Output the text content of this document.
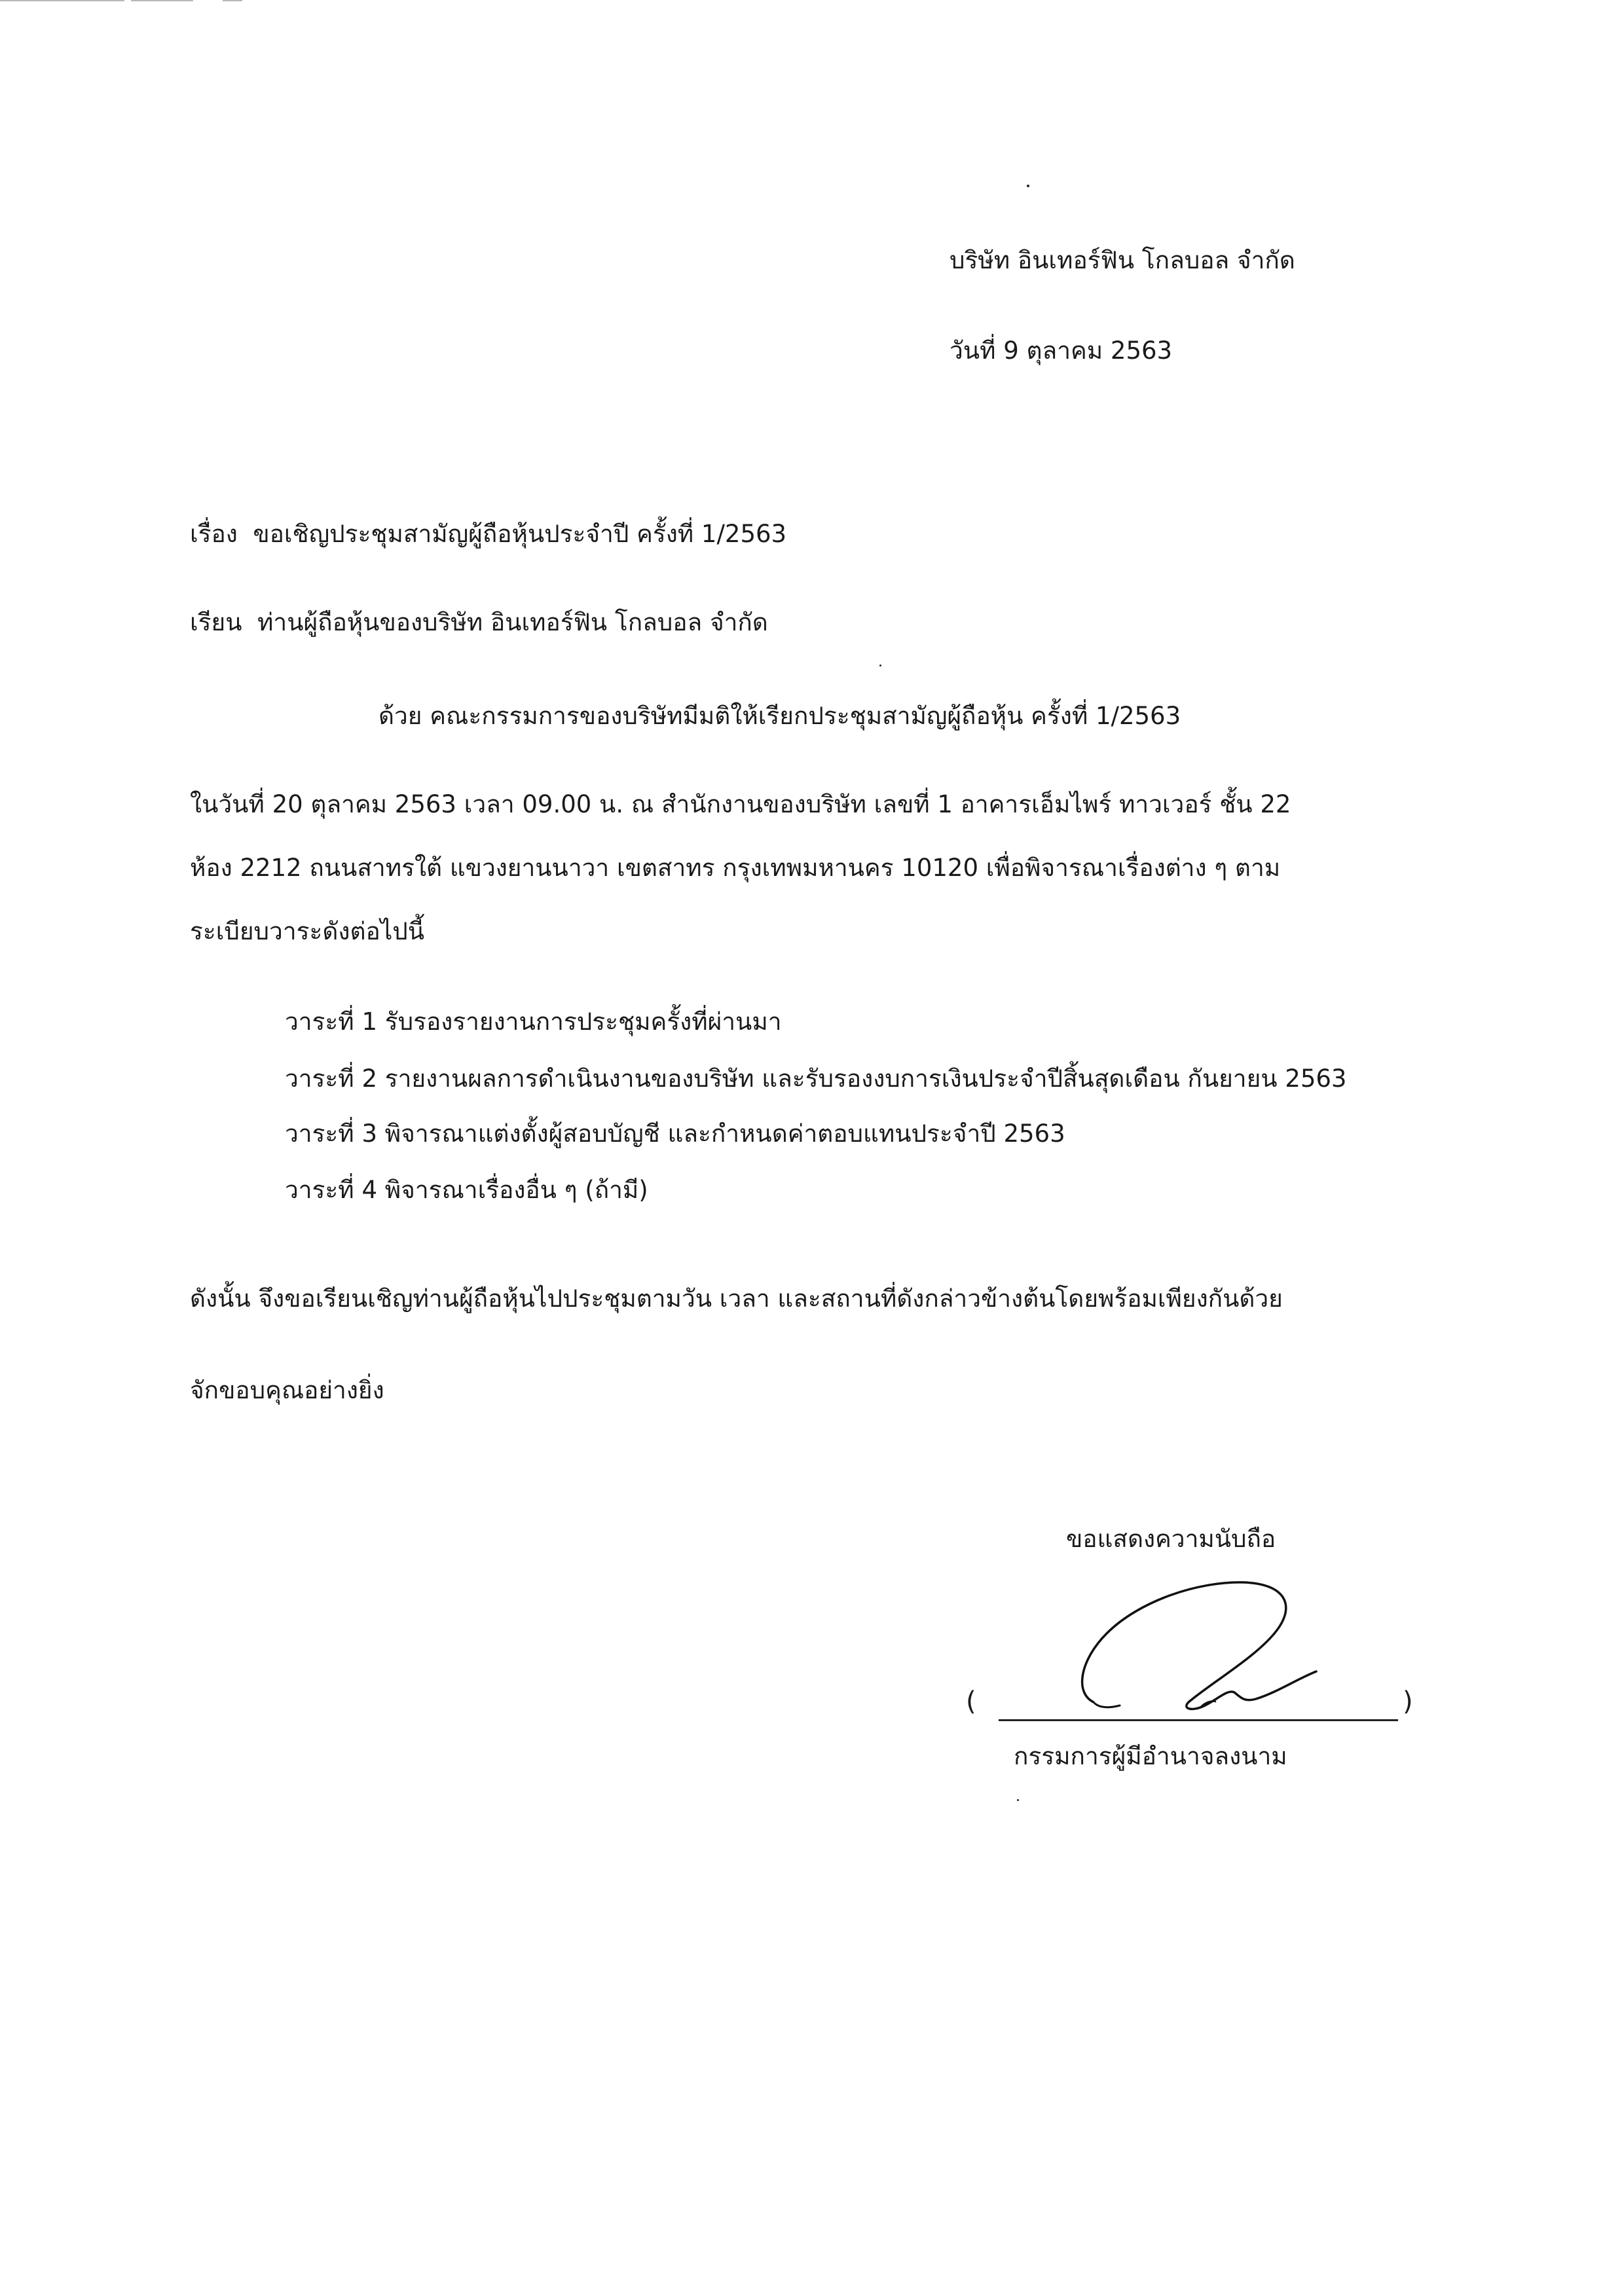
บริษัท อินเทอร์ฟิน โกลบอล จำกัด
วันที่ 9 ตุลาคม 2563
เรื่อง ขอเชิญประชุมสามัญผู้ถือหุ้นประจำปี ครั้งที่ 1/2563
เรียน ท่านผู้ถือหุ้นของบริษัท อินเทอร์ฟิน โกลบอล จำกัด
ด้วย คณะกรรมการของบริษัทมีมติให้เรียกประชุมสามัญผู้ถือหุ้น ครั้งที่ 1/2563
ในวันที่ 20 ตุลาคม 2563 เวลา 09.00 น. ณ สำนักงานของบริษัท เลขที่ 1 อาคารเอ็มไพร์ ทาวเวอร์ ชั้น 22
ห้อง 2212 ถนนสาทรใต้ แขวงยานนาวา เขตสาทร กรุงเทพมหานคร 10120 เพื่อพิจารณาเรื่องต่าง ๆ ตาม
ระเบียบวาระดังต่อไปนี้
วาระที่ 1 รับรองรายงานการประชุมครั้งที่ผ่านมา
วาระที่ 2 รายงานผลการดำเนินงานของบริษัท และรับรองงบการเงินประจำปีสิ้นสุดเดือน กันยายน 2563
วาระที่ 3 พิจารณาแต่งตั้งผู้สอบบัญชี และกำหนดค่าตอบแทนประจำปี 2563
วาระที่ 4 พิจารณาเรื่องอื่น ๆ (ถ้ามี)
ดังนั้น จึงขอเรียนเชิญท่านผู้ถือหุ้นไปประชุมตามวัน เวลา และสถานที่ดังกล่าวข้างต้นโดยพร้อมเพียงกันด้วย
จักขอบคุณอย่างยิ่ง
ขอแสดงความนับถือ
(	)
กรรมการผู้มีอำนาจลงนาม
